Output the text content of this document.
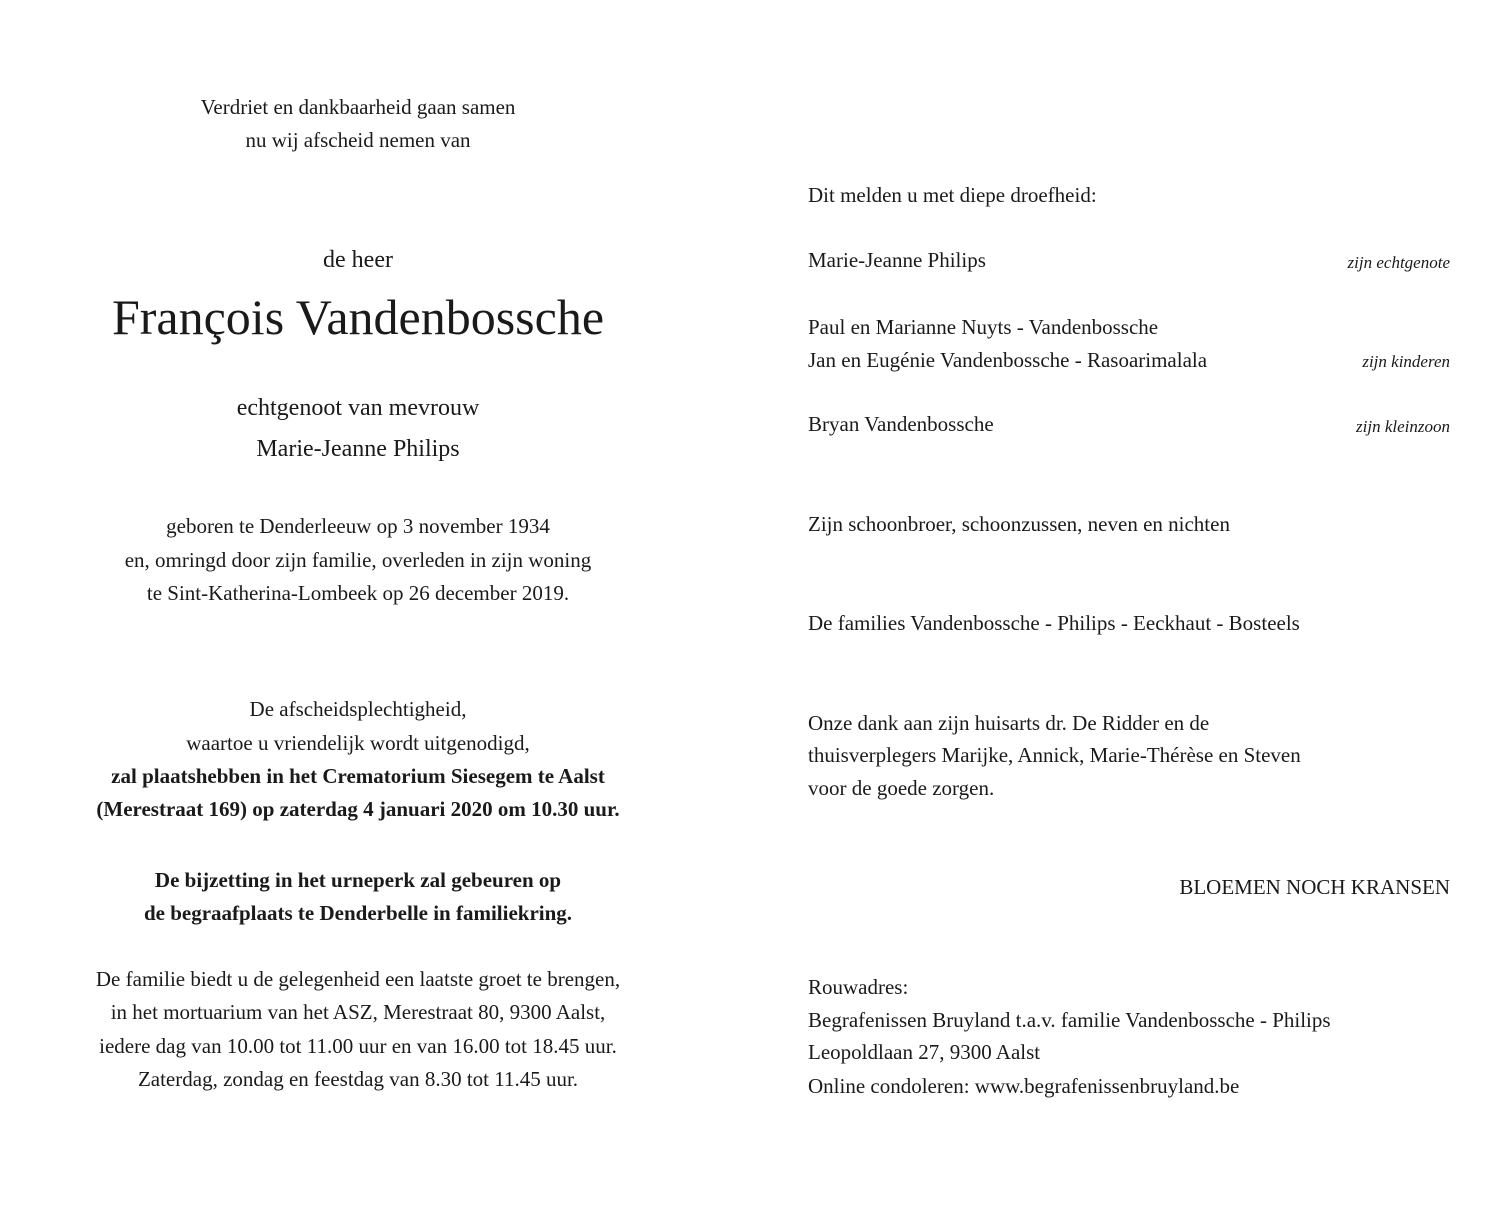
Verdriet en dankbaarheid gaan samen
nu wij afscheid nemen van
de heer
François Vandenbossche
echtgenoot van mevrouw
Marie-Jeanne Philips
geboren te Denderleeuw op 3 november 1934
en, omringd door zijn familie, overleden in zijn woning
te Sint-Katherina-Lombeek op 26 december 2019.
De afscheidsplechtigheid,
waartoe u vriendelijk wordt uitgenodigd,
zal plaatshebben in het Crematorium Siesegem te Aalst
(Merestraat 169) op zaterdag 4 januari 2020 om 10.30 uur.
De bijzetting in het urneperk zal gebeuren op
de begraafplaats te Denderbelle in familiekring.
De familie biedt u de gelegenheid een laatste groet te brengen,
in het mortuarium van het ASZ, Merestraat 80, 9300 Aalst,
iedere dag van 10.00 tot 11.00 uur en van 16.00 tot 18.45 uur.
Zaterdag, zondag en feestdag van 8.30 tot 11.45 uur.
Dit melden u met diepe droefheid:
Marie-Jeanne Philips	zijn echtgenote
Paul en Marianne Nuyts - Vandenbossche
Jan en Eugénie Vandenbossche - Rasoarimalala	zijn kinderen
Bryan Vandenbossche	zijn kleinzoon
Zijn schoonbroer, schoonzussen, neven en nichten
De families Vandenbossche - Philips - Eeckhaut - Bosteels
Onze dank aan zijn huisarts dr. De Ridder en de
thuisverplegers Marijke, Annick, Marie-Thérèse en Steven
voor de goede zorgen.
BLOEMEN NOCH KRANSEN
Rouwadres:
Begrafenissen Bruyland t.a.v. familie Vandenbossche - Philips
Leopoldlaan 27, 9300 Aalst
Online condoleren: www.begrafenissenbruyland.be
